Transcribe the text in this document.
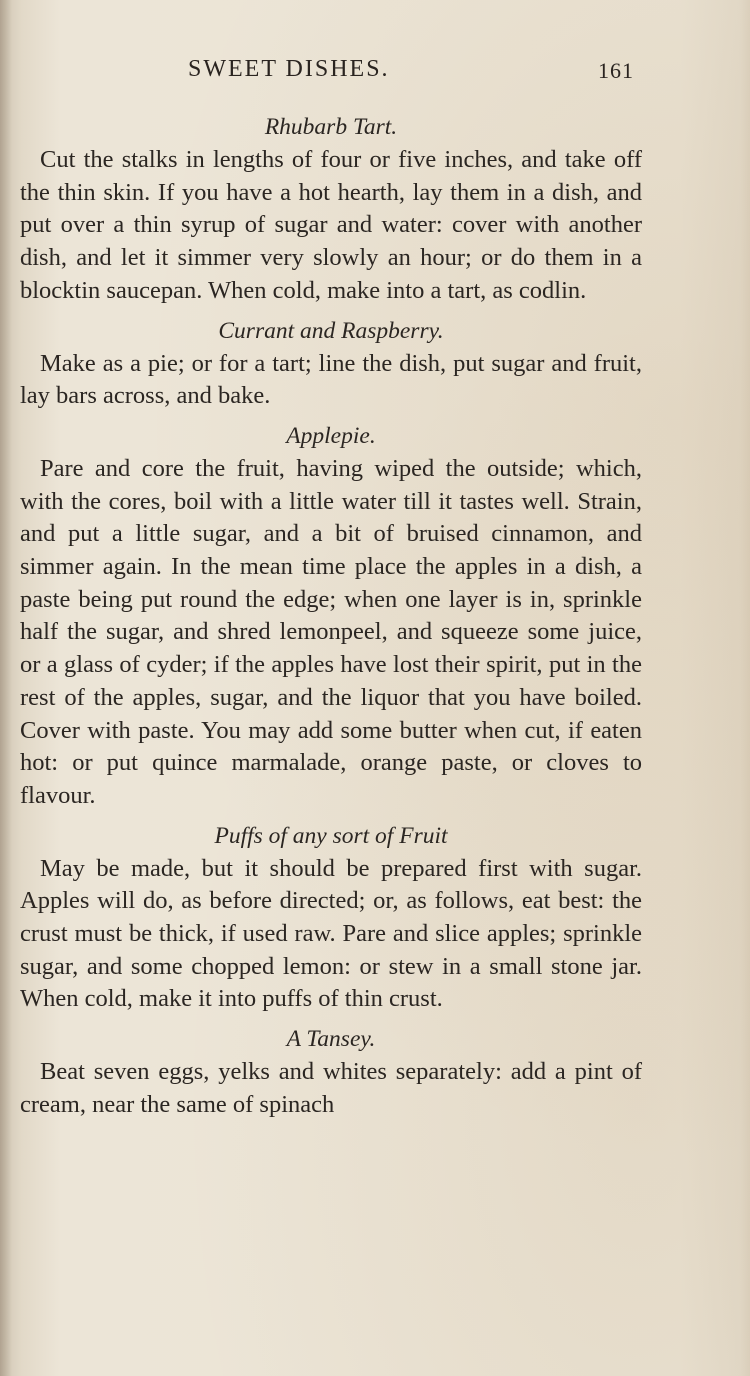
SWEET DISHES.	161

Rhubarb Tart.

Cut the stalks in lengths of four or five inches, and take off the thin skin. If you have a hot hearth, lay them in a dish, and put over a thin syrup of sugar and water: cover with another dish, and let it simmer very slowly an hour; or do them in a blocktin saucepan. When cold, make into a tart, as codlin.

Currant and Raspberry.

Make as a pie; or for a tart; line the dish, put sugar and fruit, lay bars across, and bake.

Applepie.

Pare and core the fruit, having wiped the outside; which, with the cores, boil with a little water till it tastes well. Strain, and put a little sugar, and a bit of bruised cinnamon, and simmer again. In the mean time place the apples in a dish, a paste being put round the edge; when one layer is in, sprinkle half the sugar, and shred lemonpeel, and squeeze some juice, or a glass of cyder; if the apples have lost their spirit, put in the rest of the apples, sugar, and the liquor that you have boiled. Cover with paste. You may add some butter when cut, if eaten hot: or put quince marmalade, orange paste, or cloves to flavour.

Puffs of any sort of Fruit

May be made, but it should be prepared first with sugar. Apples will do, as before directed; or, as follows, eat best: the crust must be thick, if used raw. Pare and slice apples; sprinkle sugar, and some chopped lemon: or stew in a small stone jar. When cold, make it into puffs of thin crust.

A Tansey.

Beat seven eggs, yelks and whites separately: add a pint of cream, near the same of spinach
